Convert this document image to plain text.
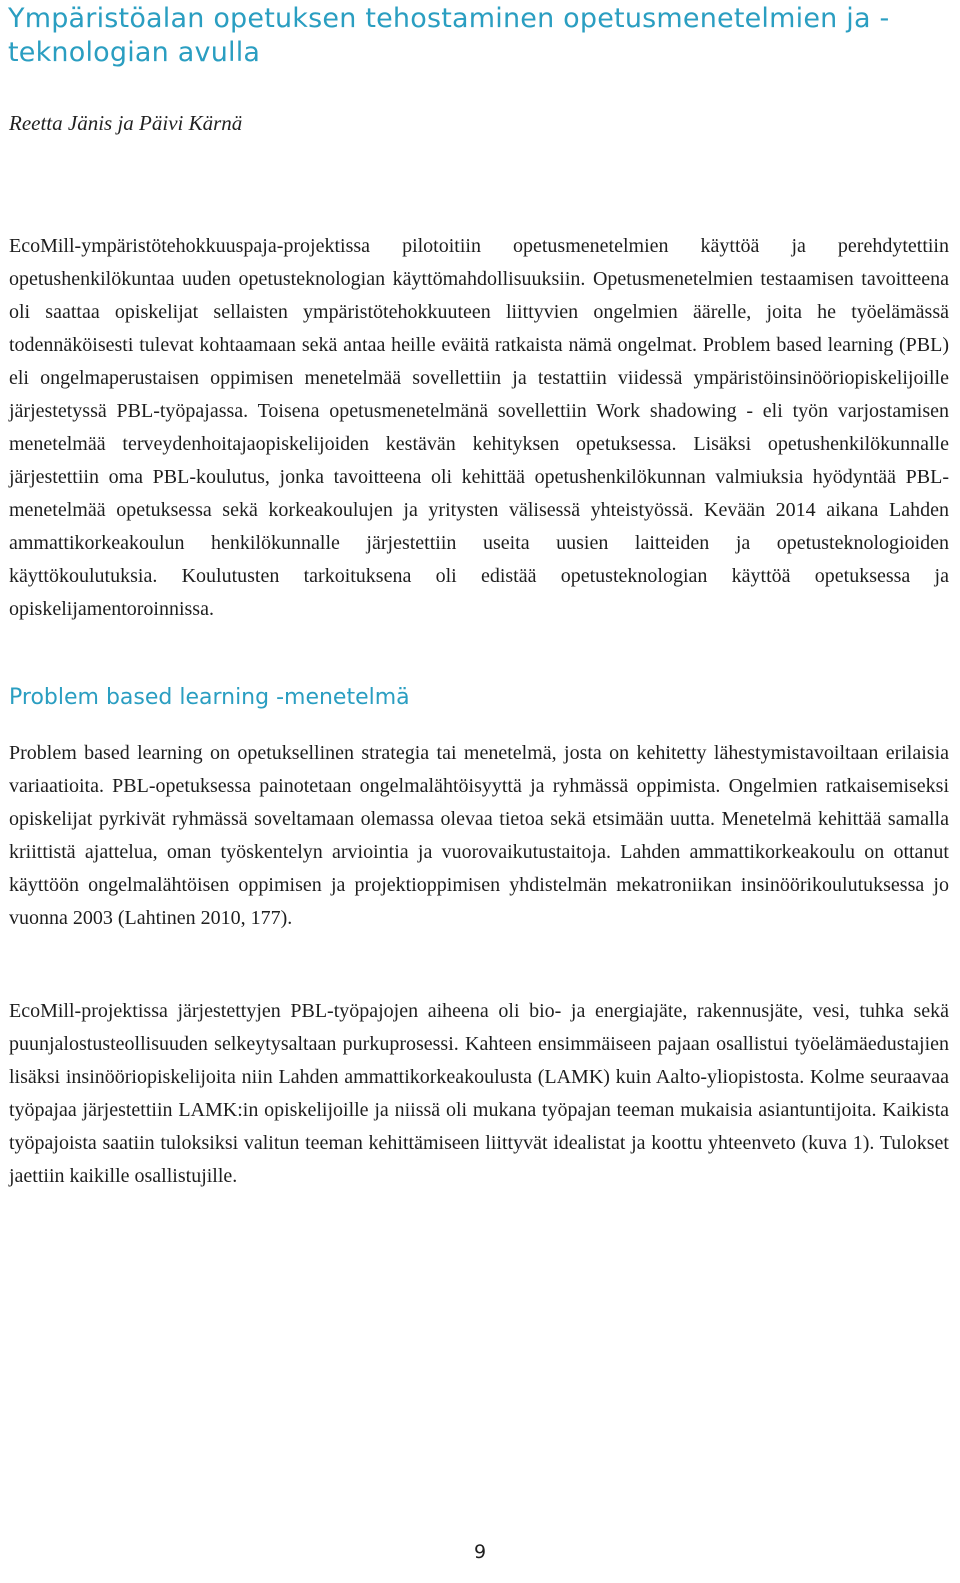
Ympäristöalan opetuksen tehostaminen opetusmenetelmien ja -teknologian avulla

Reetta Jänis ja Päivi Kärnä

EcoMill-ympäristötehokkuuspaja-projektissa pilotoitiin opetusmenetelmien käyttöä ja perehdytettiin opetushenkilökuntaa uuden opetusteknologian käyttömahdollisuuksiin. Opetusmenetelmien testaamisen tavoitteena oli saattaa opiskelijat sellaisten ympäristötehokkuuteen liittyvien ongelmien äärelle, joita he työelämässä todennäköisesti tulevat kohtaamaan sekä antaa heille eväitä ratkaista nämä ongelmat. Problem based learning (PBL) eli ongelmaperustaisen oppimisen menetelmää sovellettiin ja testattiin viidessä ympäristöinsinööriopiskelijoille järjestetyssä PBL-työpajassa. Toisena opetusmenetelmänä sovellettiin Work shadowing - eli työn varjostamisen menetelmää terveydenhoitajaopiskelijoiden kestävän kehityksen opetuksessa. Lisäksi opetushenkilökunnalle järjestettiin oma PBL-koulutus, jonka tavoitteena oli kehittää opetushenkilökunnan valmiuksia hyödyntää PBL-menetelmää opetuksessa sekä korkeakoulujen ja yritysten välisessä yhteistyössä. Kevään 2014 aikana Lahden ammattikorkeakoulun henkilökunnalle järjestettiin useita uusien laitteiden ja opetusteknologioiden käyttökoulutuksia. Koulutusten tarkoituksena oli edistää opetusteknologian käyttöä opetuksessa ja opiskelijamentoroinnissa.

Problem based learning -menetelmä

Problem based learning on opetuksellinen strategia tai menetelmä, josta on kehitetty lähestymistavoiltaan erilaisia variaatioita. PBL-opetuksessa painotetaan ongelmalähtöisyyttä ja ryhmässä oppimista. Ongelmien ratkaisemiseksi opiskelijat pyrkivät ryhmässä soveltamaan olemassa olevaa tietoa sekä etsimään uutta. Menetelmä kehittää samalla kriittistä ajattelua, oman työskentelyn arviointia ja vuorovaikutustaitoja. Lahden ammattikorkeakoulu on ottanut käyttöön ongelmalähtöisen oppimisen ja projektioppimisen yhdistelmän mekatroniikan insinöörikoulutuksessa jo vuonna 2003 (Lahtinen 2010, 177).

EcoMill-projektissa järjestettyjen PBL-työpajojen aiheena oli bio- ja energiajäte, rakennusjäte, vesi, tuhka sekä puunjalostusteollisuuden selkeytysaltaan purkuprosessi. Kahteen ensimmäiseen pajaan osallistui työelämäedustajien lisäksi insinööriopiskelijoita niin Lahden ammattikorkeakoulusta (LAMK) kuin Aalto-yliopistosta. Kolme seuraavaa työpajaa järjestettiin LAMK:in opiskelijoille ja niissä oli mukana työpajan teeman mukaisia asiantuntijoita. Kaikista työpajoista saatiin tuloksiksi valitun teeman kehittämiseen liittyvät idealistat ja koottu yhteenveto (kuva 1). Tulokset jaettiin kaikille osallistujille.

9
